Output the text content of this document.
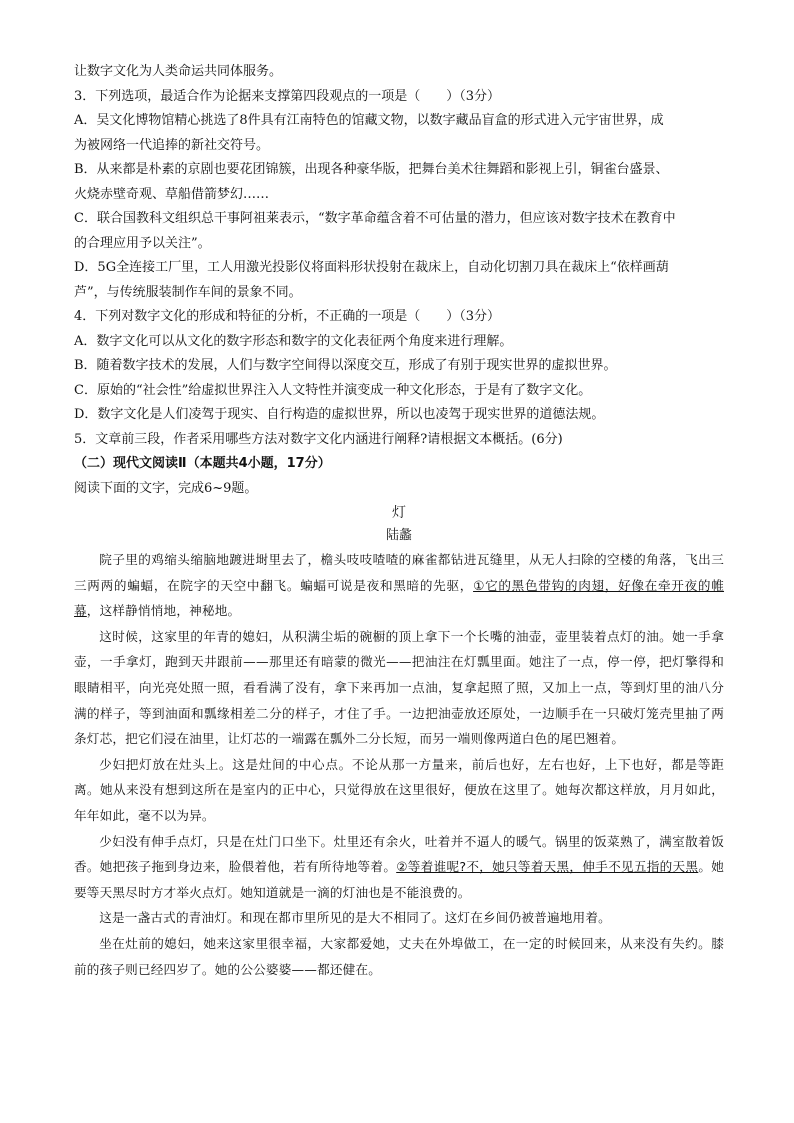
让数字文化为人类命运共同体服务。
3．下列选项，最适合作为论据来支撑第四段观点的一项是（　　）（3分）
A．吴文化博物馆精心挑选了8件具有江南特色的馆藏文物，以数字藏品盲盒的形式进入元宇宙世界，成
为被网络一代追捧的新社交符号。
B．从来都是朴素的京剧也要花团锦簇，出现各种豪华版，把舞台美术往舞蹈和影视上引，铜雀台盛景、
火烧赤壁奇观、草船借箭梦幻……
C．联合国教科文组织总干事阿祖莱表示，“数字革命蕴含着不可估量的潜力，但应该对数字技术在教育中
的合理应用予以关注”。
D．5G全连接工厂里，工人用激光投影仪将面料形状投射在裁床上，自动化切割刀具在裁床上“依样画葫
芦”，与传统服装制作车间的景象不同。
4．下列对数字文化的形成和特征的分析，不正确的一项是（　　）（3分）
A．数字文化可以从文化的数字形态和数字的文化表征两个角度来进行理解。
B．随着数字技术的发展，人们与数字空间得以深度交互，形成了有别于现实世界的虚拟世界。
C．原始的“社会性”给虚拟世界注入人文特性并演变成一种文化形态，于是有了数字文化。
D．数字文化是人们凌驾于现实、自行构造的虚拟世界，所以也凌驾于现实世界的道德法规。
5．文章前三段，作者采用哪些方法对数字文化内涵进行阐释?请根据文本概括。(6分)
（二）现代文阅读Ⅱ（本题共4小题，17分）
阅读下面的文字，完成6~9题。
灯
陆蠡

院子里的鸡缩头缩脑地踱进埘里去了，檐头吱吱喳喳的麻雀都钻进瓦缝里，从无人扫除的空楼的角落，飞出三三两两的蝙蝠，在院字的天空中翻飞。蝙蝠可说是夜和黑暗的先驱，①它的黑色带钩的肉翅，好像在牵开夜的帷幕，这样静悄悄地，神秘地。

这时候，这家里的年青的媳妇，从积满尘垢的碗橱的顶上拿下一个长嘴的油壶，壶里装着点灯的油。她一手拿壶，一手拿灯，跑到天井跟前——那里还有暗蒙的微光——把油注在灯瓢里面。她注了一点，停一停，把灯擎得和眼睛相平，向光亮处照一照，看看满了没有，拿下来再加一点油，复拿起照了照，又加上一点，等到灯里的油八分满的样子，等到油面和瓢缘相差二分的样子，才住了手。一边把油壶放还原处，一边顺手在一只破灯笼壳里抽了两条灯芯，把它们浸在油里，让灯芯的一端露在瓢外二分长短，而另一端则像两道白色的尾巴翘着。

少妇把灯放在灶头上。这是灶间的中心点。不论从那一方量来，前后也好，左右也好，上下也好，都是等距离。她从来没有想到这所在是室内的正中心，只觉得放在这里很好，便放在这里了。她每次都这样放，月月如此，年年如此，毫不以为异。

少妇没有伸手点灯，只是在灶门口坐下。灶里还有余火，吐着并不逼人的暖气。锅里的饭菜熟了，满室散着饭香。她把孩子拖到身边来，脸偎着他，若有所待地等着。②等着谁呢?不，她只等着天黑，伸手不见五指的天黑。她要等天黑尽时方才举火点灯。她知道就是一滴的灯油也是不能浪费的。

这是一盏古式的青油灯。和现在都市里所见的是大不相同了。这灯在乡间仍被普遍地用着。

坐在灶前的媳妇，她来这家里很幸福，大家都爱她，丈夫在外埠做工，在一定的时候回来，从来没有失约。膝前的孩子则已经四岁了。她的公公婆婆——都还健在。
